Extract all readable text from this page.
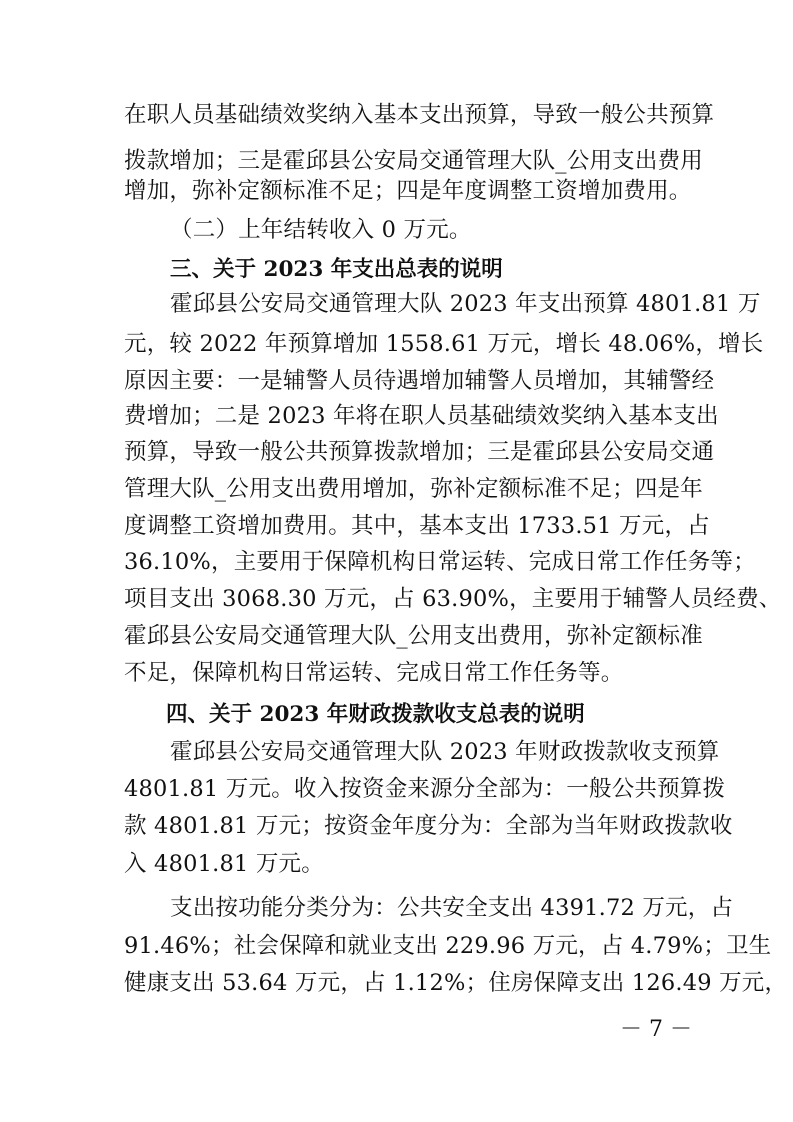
在职人员基础绩效奖纳入基本支出预算，导致一般公共预算
拨款增加；三是霍邱县公安局交通管理大队_公用支出费用
增加，弥补定额标准不足；四是年度调整工资增加费用。
（二）上年结转收入 0 万元。
三、关于 2023 年支出总表的说明
霍邱县公安局交通管理大队 2023 年支出预算 4801.81 万
元，较 2022 年预算增加 1558.61 万元，增长 48.06%，增长
原因主要：一是辅警人员待遇增加辅警人员增加，其辅警经
费增加；二是 2023 年将在职人员基础绩效奖纳入基本支出
预算，导致一般公共预算拨款增加；三是霍邱县公安局交通
管理大队_公用支出费用增加，弥补定额标准不足；四是年
度调整工资增加费用。其中，基本支出 1733.51 万元，占
36.10%，主要用于保障机构日常运转、完成日常工作任务等；
项目支出 3068.30 万元，占 63.90%，主要用于辅警人员经费、
霍邱县公安局交通管理大队_公用支出费用，弥补定额标准
不足，保障机构日常运转、完成日常工作任务等。
四、关于 2023 年财政拨款收支总表的说明
霍邱县公安局交通管理大队 2023 年财政拨款收支预算
4801.81 万元。收入按资金来源分全部为：一般公共预算拨
款 4801.81 万元；按资金年度分为：全部为当年财政拨款收
入 4801.81 万元。
支出按功能分类分为：公共安全支出 4391.72 万元，占
91.46%；社会保障和就业支出 229.96 万元，占 4.79%；卫生
健康支出 53.64 万元，占 1.12%；住房保障支出 126.49 万元，
－ 7 －
